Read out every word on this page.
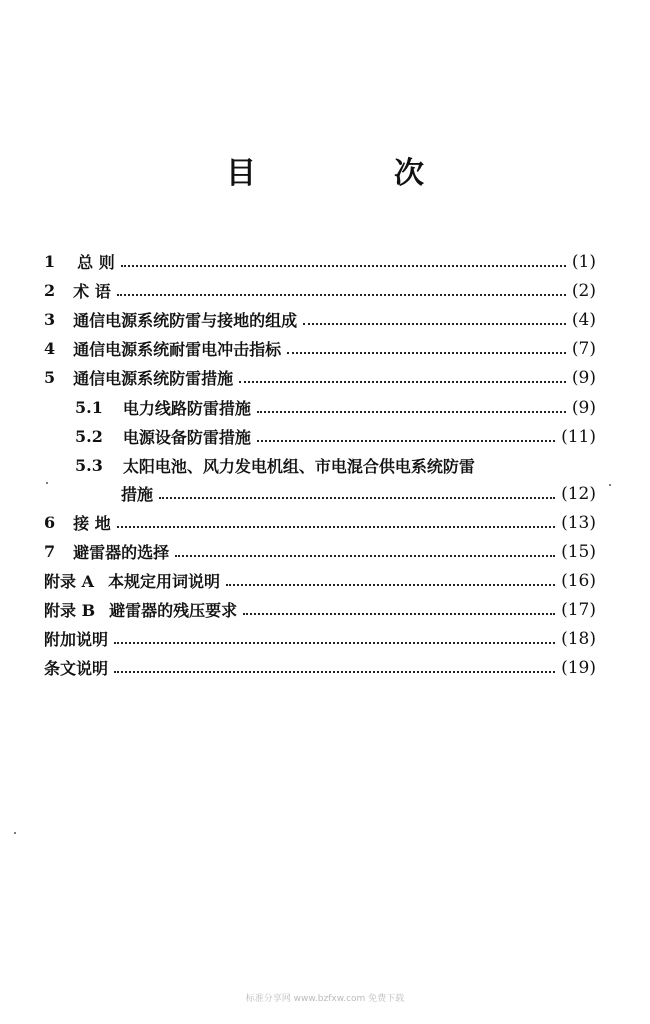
目　次
1 总 则	(1)
2 术 语	(2)
3 通信电源系统防雷与接地的组成	(4)
4 通信电源系统耐雷电冲击指标	(7)
5 通信电源系统防雷措施	(9)
5.1 电力线路防雷措施	(9)
5.2 电源设备防雷措施	(11)
5.3 太阳电池、风力发电机组、市电混合供电系统防雷
措施	(12)
6 接 地	(13)
7 避雷器的选择	(15)
附录 A 本规定用词说明	(16)
附录 B 避雷器的残压要求	(17)
附加说明	(18)
条文说明	(19)
标准分享网 www.bzfxw.com 免费下载
